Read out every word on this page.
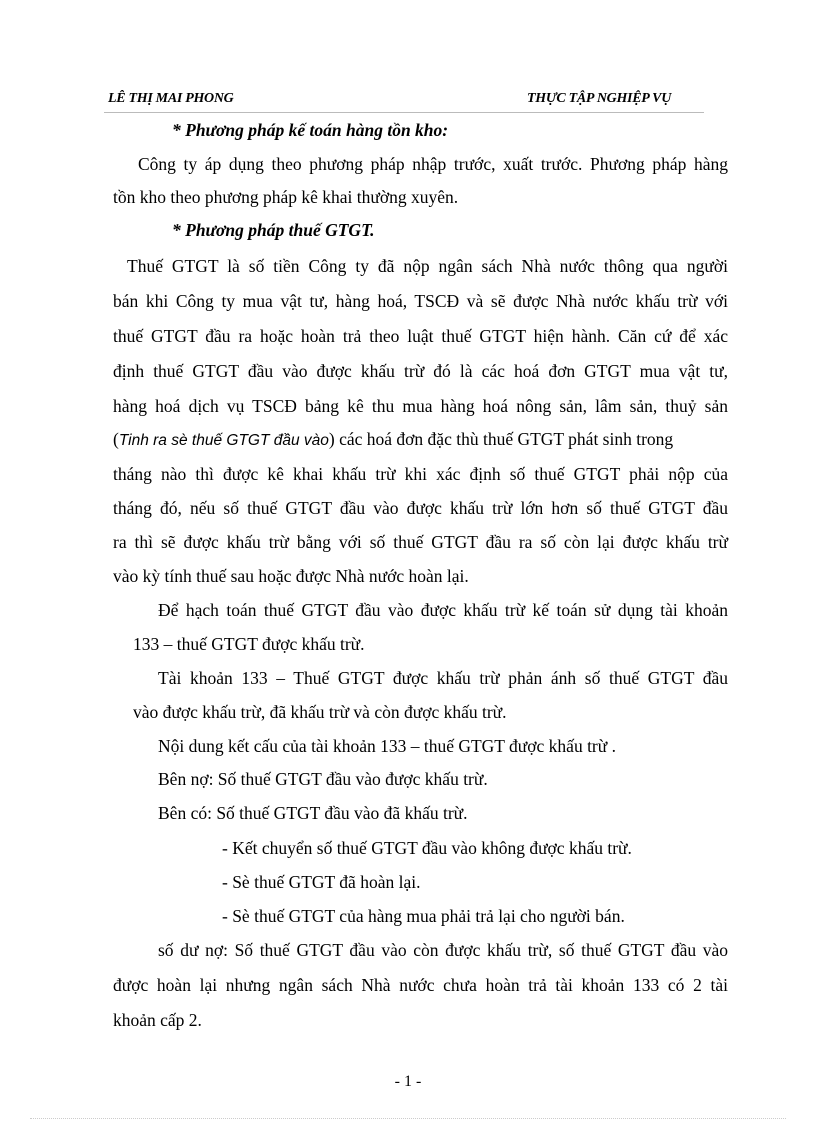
LÊ THỊ MAI PHONG	THỰC TẬP NGHIỆP VỤ
* Phương pháp kế toán hàng tồn kho:
Công ty áp dụng theo phương pháp nhập trước, xuất trước. Phương pháp hàng
tồn kho theo phương pháp kê khai thường xuyên.
* Phương pháp thuế GTGT.
Thuế GTGT là số tiền Công ty đã nộp ngân sách Nhà nước thông qua người
bán khi Công ty mua vật tư, hàng hoá, TSCĐ và sẽ được Nhà nước khấu trừ với
thuế GTGT đầu ra hoặc hoàn trả theo luật thuế GTGT hiện hành. Căn cứ để xác
định thuế GTGT đầu vào được khấu trừ đó là các hoá đơn GTGT mua vật tư,
hàng hoá dịch vụ TSCĐ bảng kê thu mua hàng hoá nông sản, lâm sản, thuỷ sản
(Tinh ra sè thuế GTGT đầu vào) các hoá đơn đặc thù thuế GTGT phát sinh trong
tháng nào thì được kê khai khấu trừ khi xác định số thuế GTGT phải nộp của
tháng đó, nếu số thuế GTGT đầu vào được khấu trừ lớn hơn số thuế GTGT đầu
ra thì sẽ được khấu trừ bằng với số thuế GTGT đầu ra số còn lại được khấu trừ
vào kỳ tính thuế sau hoặc được Nhà nước hoàn lại.
Để hạch toán thuế GTGT đầu vào được khấu trừ kế toán sử dụng tài khoản
133 – thuế GTGT được khấu trừ.
Tài khoản 133 – Thuế GTGT được khấu trừ phản ánh số thuế GTGT đầu
vào được khấu trừ, đã khấu trừ và còn được khấu trừ.
Nội dung kết cấu của tài khoản 133 – thuế GTGT được khấu trừ .
Bên nợ: Số thuế GTGT đầu vào được khấu trừ.
Bên có: Số thuế GTGT đầu vào đã khấu trừ.
- Kết chuyển số thuế GTGT đầu vào không được khấu trừ.
- Sè thuế GTGT đã hoàn lại.
- Sè thuế GTGT của hàng mua phải trả lại cho người bán.
số dư nợ: Số thuế GTGT đầu vào còn được khấu trừ, số thuế GTGT đầu vào
được hoàn lại nhưng ngân sách Nhà nước chưa hoàn trả tài khoản 133 có 2 tài
khoản cấp 2.
- 1 -
